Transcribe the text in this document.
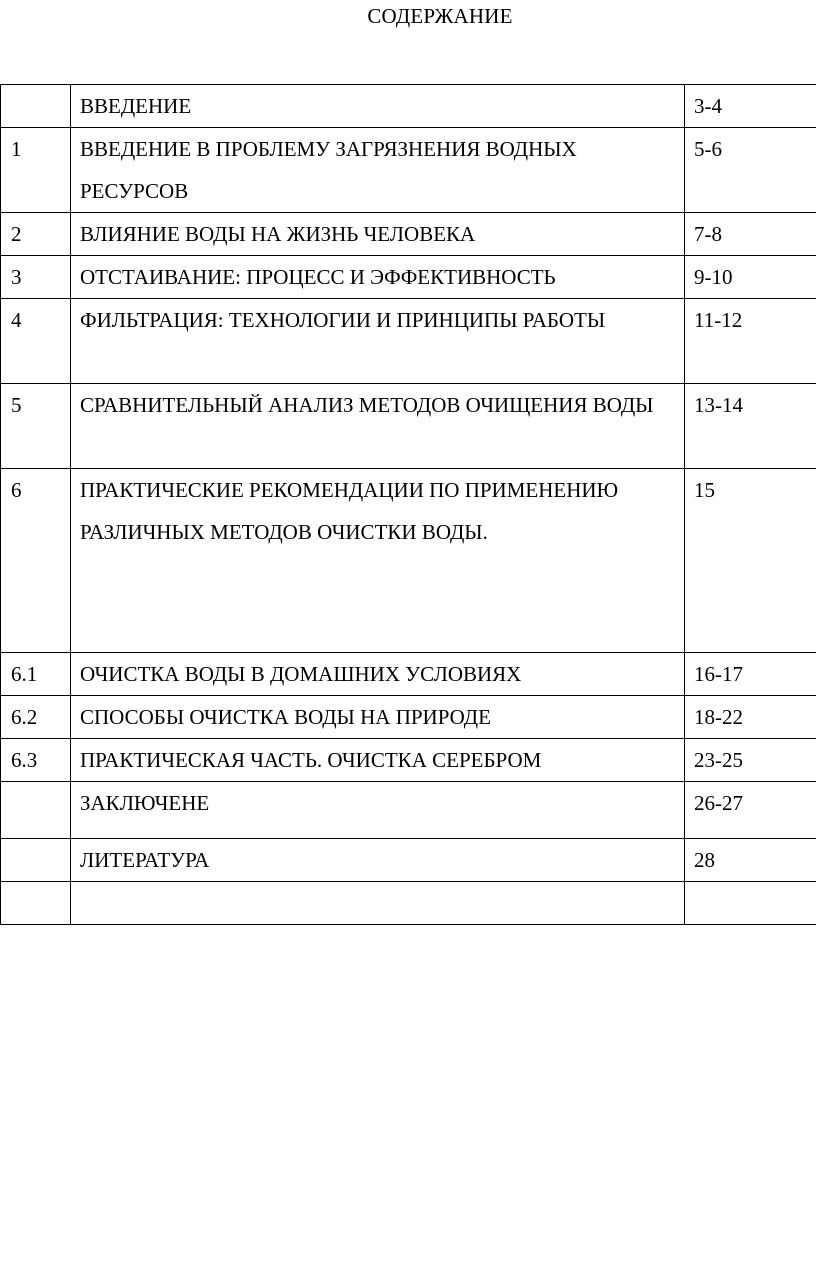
СОДЕРЖАНИЕ

	ВВЕДЕНИЕ	3-4

1	ВВЕДЕНИЕ В ПРОБЛЕМУ ЗАГРЯЗНЕНИЯ ВОДНЫХ РЕСУРСОВ	5-6

2	ВЛИЯНИЕ ВОДЫ НА ЖИЗНЬ ЧЕЛОВЕКА	7-8

3	ОТСТАИВАНИЕ: ПРОЦЕСС И ЭФФЕКТИВНОСТЬ	9-10

4	ФИЛЬТРАЦИЯ: ТЕХНОЛОГИИ И ПРИНЦИПЫ РАБОТЫ	11-12

5	СРАВНИТЕЛЬНЫЙ АНАЛИЗ МЕТОДОВ ОЧИЩЕНИЯ ВОДЫ	13-14

6	ПРАКТИЧЕСКИЕ РЕКОМЕНДАЦИИ ПО ПРИМЕНЕНИЮ РАЗЛИЧНЫХ МЕТОДОВ ОЧИСТКИ ВОДЫ.	15

6.1	ОЧИСТКА ВОДЫ В ДОМАШНИХ УСЛОВИЯХ	16-17

6.2	СПОСОБЫ ОЧИСТКА ВОДЫ НА ПРИРОДЕ	18-22

6.3	ПРАКТИЧЕСКАЯ ЧАСТЬ. ОЧИСТКА СЕРЕБРОМ	23-25

	ЗАКЛЮЧЕНЕ	26-27

	ЛИТЕРАТУРА	28
